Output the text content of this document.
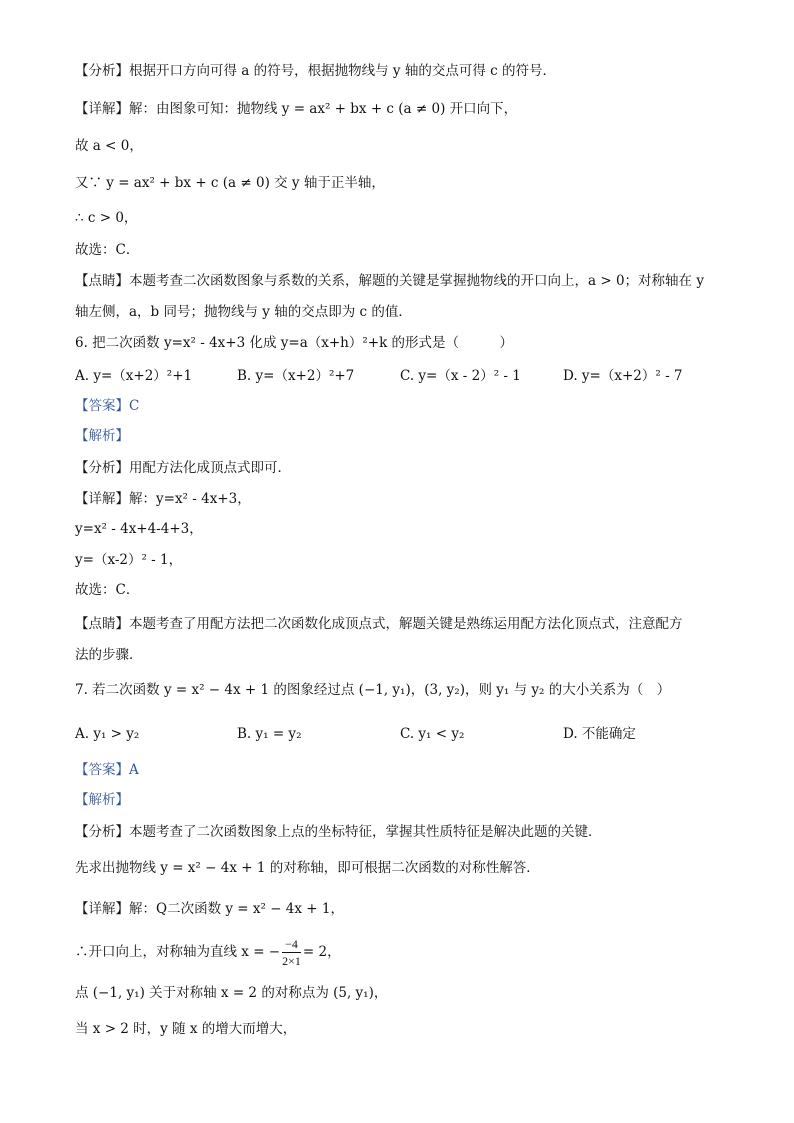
【分析】根据开口方向可得 a 的符号，根据抛物线与 y 轴的交点可得 c 的符号．
【详解】解：由图象可知：抛物线 y = ax² + bx + c (a ≠ 0) 开口向下，
故 a < 0，
又∵ y = ax² + bx + c (a ≠ 0) 交 y 轴于正半轴，
∴ c > 0，
故选：C．
【点睛】本题考查二次函数图象与系数的关系，解题的关键是掌握抛物线的开口向上，a > 0；对称轴在 y
轴左侧，a，b 同号；抛物线与 y 轴的交点即为 c 的值．
6. 把二次函数 y=x² - 4x+3 化成 y=a（x+h）²+k 的形式是（　　　）
A. y=（x+2）²+1	B. y=（x+2）²+7	C. y=（x - 2）² - 1	D. y=（x+2）² - 7
【答案】C
【解析】
【分析】用配方法化成顶点式即可．
【详解】解：y=x² - 4x+3，
y=x² - 4x+4-4+3，
y=（x-2）² - 1，
故选：C．
【点睛】本题考查了用配方法把二次函数化成顶点式，解题关键是熟练运用配方法化顶点式，注意配方
法的步骤．
7. 若二次函数 y = x² − 4x + 1 的图象经过点 (−1, y₁)，(3, y₂)，则 y₁ 与 y₂ 的大小关系为（　）
A. y₁ > y₂	B. y₁ = y₂	C. y₁ < y₂	D. 不能确定
【答案】A
【解析】
【分析】本题考查了二次函数图象上点的坐标特征，掌握其性质特征是解决此题的关键．
先求出抛物线 y = x² − 4x + 1 的对称轴，即可根据二次函数的对称性解答．
【详解】解：Q二次函数 y = x² − 4x + 1，
∴开口向上，对称轴为直线 x = − $\frac{-4}{2\times 1} = 2$，
点 (−1, y₁) 关于对称轴 x = 2 的对称点为 (5, y₁)，
当 x > 2 时，y 随 x 的增大而增大，
